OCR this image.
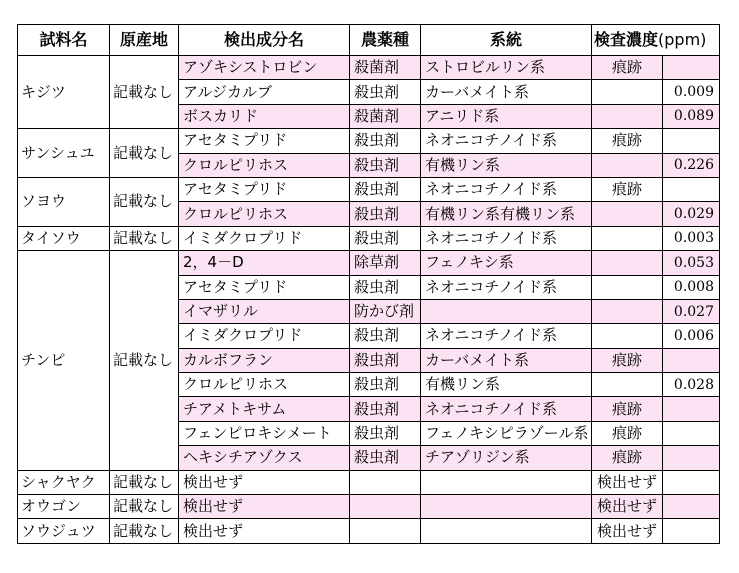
試料名	原産地	検出成分名	農薬種	系統	検査濃度(ppm)	
キジツ	記載なし	アゾキシストロビン	殺菌剤	ストロビルリン系	痕跡	
		アルジカルブ	殺虫剤	カーバメイト系		0.009
		ボスカリド	殺菌剤	アニリド系		0.089
サンシュユ	記載なし	アセタミプリド	殺虫剤	ネオニコチノイド系	痕跡	
		クロルピリホス	殺虫剤	有機リン系		0.226
ソヨウ	記載なし	アセタミプリド	殺虫剤	ネオニコチノイド系	痕跡	
		クロルピリホス	殺虫剤	有機リン系有機リン系		0.029
タイソウ	記載なし	イミダクロプリド	殺虫剤	ネオニコチノイド系		0.003
チンピ	記載なし	2，4－D	除草剤	フェノキシ系		0.053
		アセタミプリド	殺虫剤	ネオニコチノイド系		0.008
		イマザリル	防かび剤			0.027
		イミダクロプリド	殺虫剤	ネオニコチノイド系		0.006
		カルボフラン	殺虫剤	カーバメイト系	痕跡	
		クロルピリホス	殺虫剤	有機リン系		0.028
		チアメトキサム	殺虫剤	ネオニコチノイド系	痕跡	
		フェンピロキシメート	殺虫剤	フェノキシピラゾール系	痕跡	
		ヘキシチアゾクス	殺虫剤	チアゾリジン系	痕跡	
シャクヤク	記載なし	検出せず			検出せず	
オウゴン	記載なし	検出せず			検出せず	
ソウジュツ	記載なし	検出せず			検出せず	
